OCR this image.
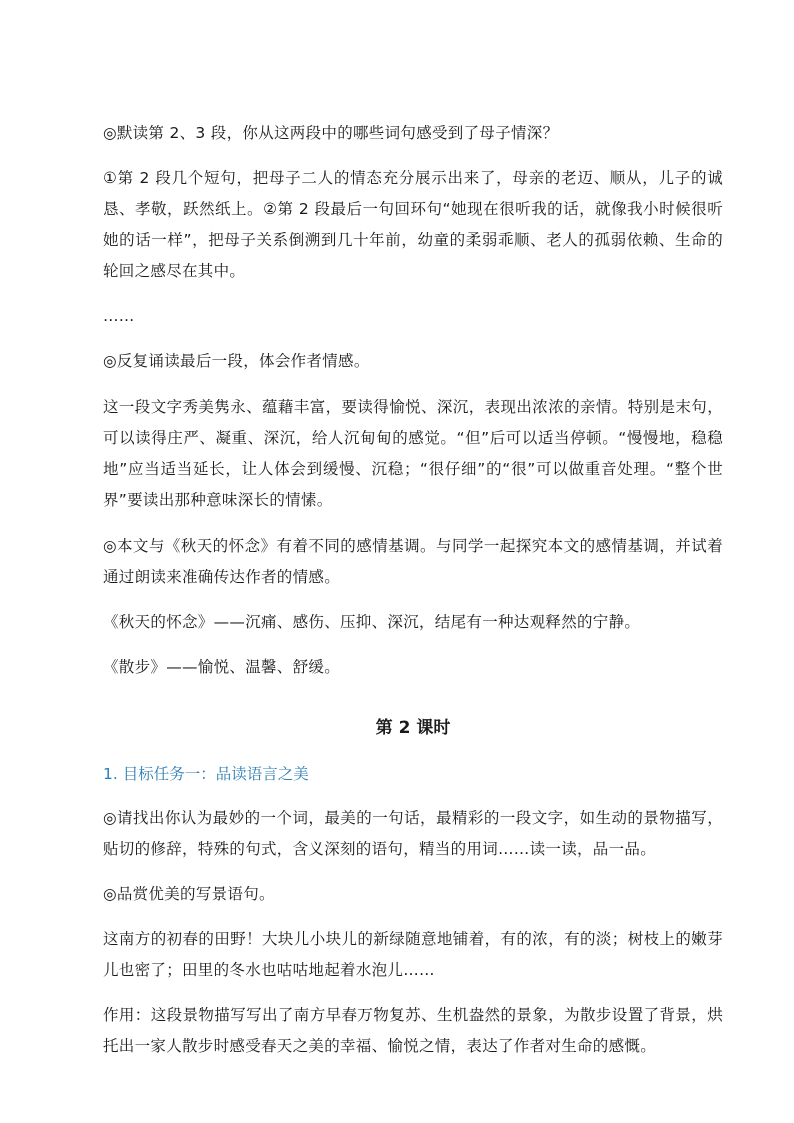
◎默读第 2、3 段，你从这两段中的哪些词句感受到了母子情深？

①第 2 段几个短句，把母子二人的情态充分展示出来了，母亲的老迈、顺从，儿子的诚恳、孝敬，跃然纸上。②第 2 段最后一句回环句“她现在很听我的话，就像我小时候很听她的话一样”，把母子关系倒溯到几十年前，幼童的柔弱乖顺、老人的孤弱依赖、生命的轮回之感尽在其中。

……

◎反复诵读最后一段，体会作者情感。

这一段文字秀美隽永、蕴藉丰富，要读得愉悦、深沉，表现出浓浓的亲情。特别是末句，可以读得庄严、凝重、深沉，给人沉甸甸的感觉。“但”后可以适当停顿。“慢慢地，稳稳地”应当适当延长，让人体会到缓慢、沉稳；“很仔细”的“很”可以做重音处理。“整个世界”要读出那种意味深长的情愫。

◎本文与《秋天的怀念》有着不同的感情基调。与同学一起探究本文的感情基调，并试着通过朗读来准确传达作者的情感。

《秋天的怀念》——沉痛、感伤、压抑、深沉，结尾有一种达观释然的宁静。

《散步》——愉悦、温馨、舒缓。

第 2 课时

1. 目标任务一：品读语言之美

◎请找出你认为最妙的一个词，最美的一句话，最精彩的一段文字，如生动的景物描写，贴切的修辞，特殊的句式，含义深刻的语句，精当的用词……读一读，品一品。

◎品赏优美的写景语句。

这南方的初春的田野！大块儿小块儿的新绿随意地铺着，有的浓，有的淡；树枝上的嫩芽儿也密了；田里的冬水也咕咕地起着水泡儿……

作用：这段景物描写写出了南方早春万物复苏、生机盎然的景象，为散步设置了背景，烘托出一家人散步时感受春天之美的幸福、愉悦之情，表达了作者对生命的感慨。
